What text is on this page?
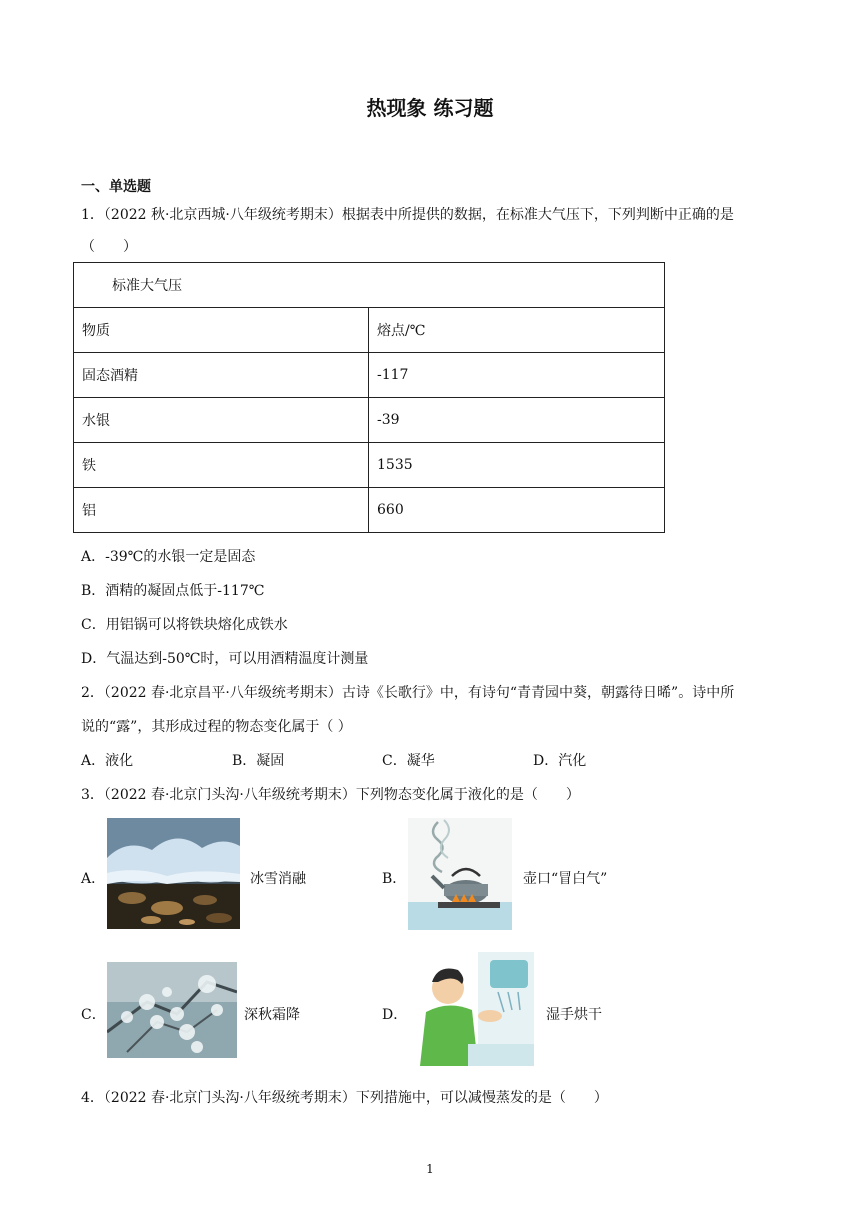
热现象 练习题
一、单选题
1．（2022 秋·北京西城·八年级统考期末）根据表中所提供的数据，在标准大气压下，下列判断中正确的是
（　　）
标准大气压	
物质	熔点/℃
固态酒精	-117
水银	-39
铁	1535
铝	660
A．-39℃的水银一定是固态
B．酒精的凝固点低于-117℃
C．用铝锅可以将铁块熔化成铁水
D．气温达到-50℃时，可以用酒精温度计测量
2．（2022 春·北京昌平·八年级统考期末）古诗《长歌行》中，有诗句“青青园中葵，朝露待日晞”。诗中所
说的“露”，其形成过程的物态变化属于（ ）
A．液化	B．凝固	C．凝华	D．汽化
3．（2022 春·北京门头沟·八年级统考期末）下列物态变化属于液化的是（　　）
A．	冰雪消融	B．	壶口“冒白气”
C．	深秋霜降	D．	湿手烘干
4．（2022 春·北京门头沟·八年级统考期末）下列措施中，可以减慢蒸发的是（　　）
1
